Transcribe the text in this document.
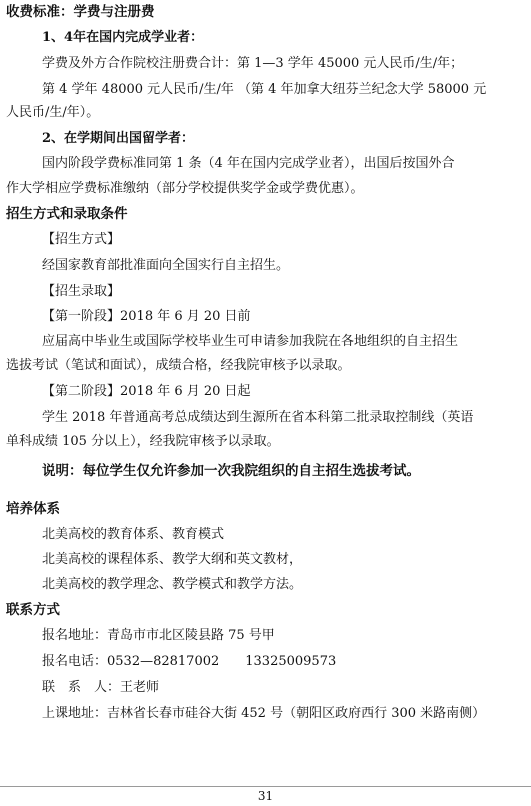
收费标准：学费与注册费
1、4年在国内完成学业者：
学费及外方合作院校注册费合计：第 1—3 学年 45000 元人民币/生/年；
第 4 学年 48000 元人民币/生/年 （第 4 年加拿大纽芬兰纪念大学 58000 元
人民币/生/年）。
2、在学期间出国留学者：
国内阶段学费标准同第 1 条（4 年在国内完成学业者），出国后按国外合
作大学相应学费标准缴纳（部分学校提供奖学金或学费优惠）。
招生方式和录取条件
【招生方式】
经国家教育部批准面向全国实行自主招生。
【招生录取】
【第一阶段】2018 年 6 月 20 日前
应届高中毕业生或国际学校毕业生可申请参加我院在各地组织的自主招生
选拔考试（笔试和面试），成绩合格，经我院审核予以录取。
【第二阶段】2018 年 6 月 20 日起
学生 2018 年普通高考总成绩达到生源所在省本科第二批录取控制线（英语
单科成绩 105 分以上），经我院审核予以录取。
说明：每位学生仅允许参加一次我院组织的自主招生选拔考试。
培养体系
北美高校的教育体系、教育模式
北美高校的课程体系、教学大纲和英文教材，
北美高校的教学理念、教学模式和教学方法。
联系方式
报名地址：青岛市市北区陵县路 75 号甲
报名电话：0532—82817002　　13325009573
联　系　人：王老师
上课地址：吉林省长春市硅谷大街 452 号（朝阳区政府西行 300 米路南侧）
31
